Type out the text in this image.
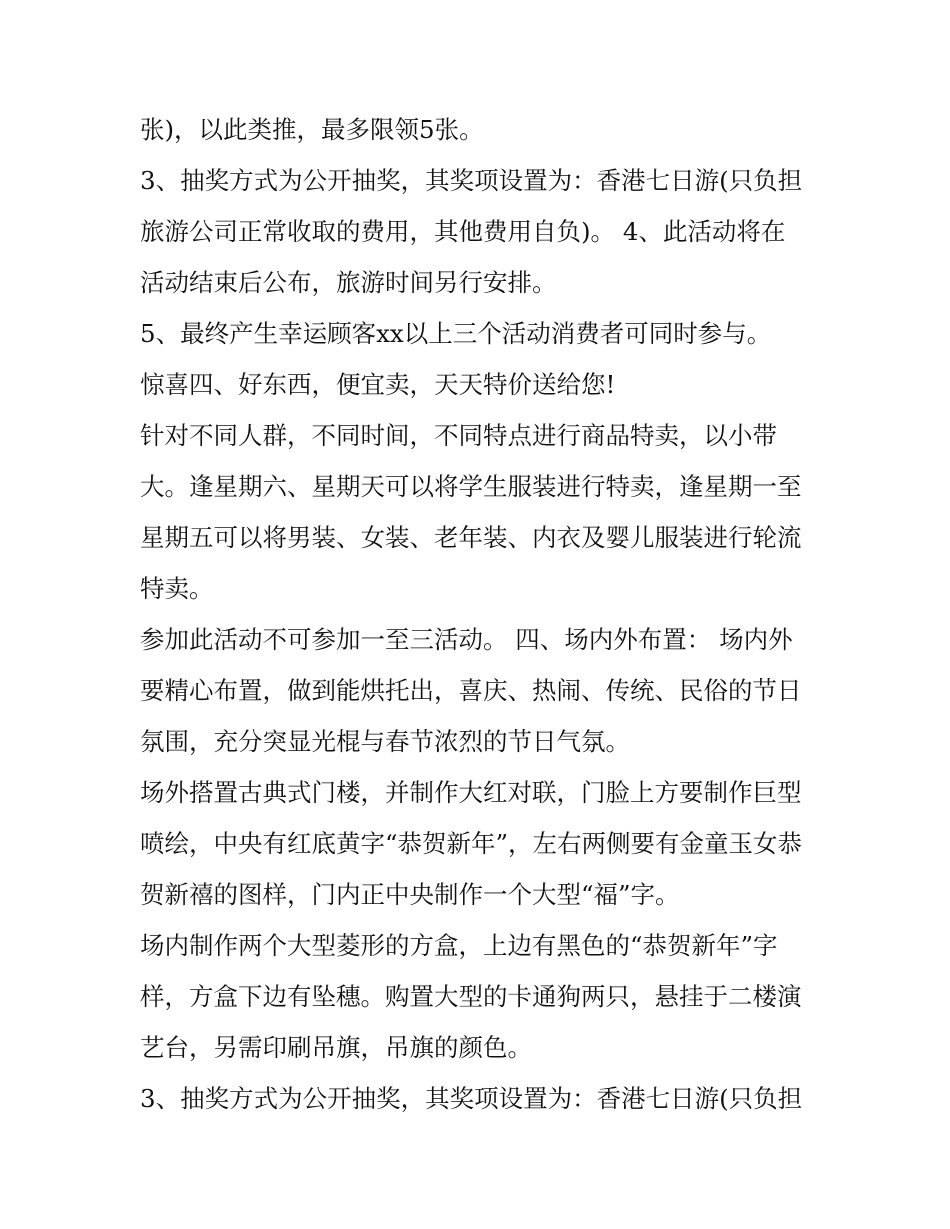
张)，以此类推，最多限领5张。
3、抽奖方式为公开抽奖，其奖项设置为：香港七日游(只负担
旅游公司正常收取的费用，其他费用自负)。 4、此活动将在
活动结束后公布，旅游时间另行安排。
5、最终产生幸运顾客xx以上三个活动消费者可同时参与。
惊喜四、好东西，便宜卖，天天特价送给您!
针对不同人群，不同时间，不同特点进行商品特卖，以小带
大。逢星期六、星期天可以将学生服装进行特卖，逢星期一至
星期五可以将男装、女装、老年装、内衣及婴儿服装进行轮流
特卖。
参加此活动不可参加一至三活动。 四、场内外布置： 场内外
要精心布置，做到能烘托出，喜庆、热闹、传统、民俗的节日
氛围，充分突显光棍与春节浓烈的节日气氛。
场外搭置古典式门楼，并制作大红对联，门脸上方要制作巨型
喷绘，中央有红底黄字“恭贺新年”，左右两侧要有金童玉女恭
贺新禧的图样，门内正中央制作一个大型“福”字。
场内制作两个大型菱形的方盒，上边有黑色的“恭贺新年”字
样，方盒下边有坠穗。购置大型的卡通狗两只，悬挂于二楼演
艺台，另需印刷吊旗，吊旗的颜色。
3、抽奖方式为公开抽奖，其奖项设置为：香港七日游(只负担
